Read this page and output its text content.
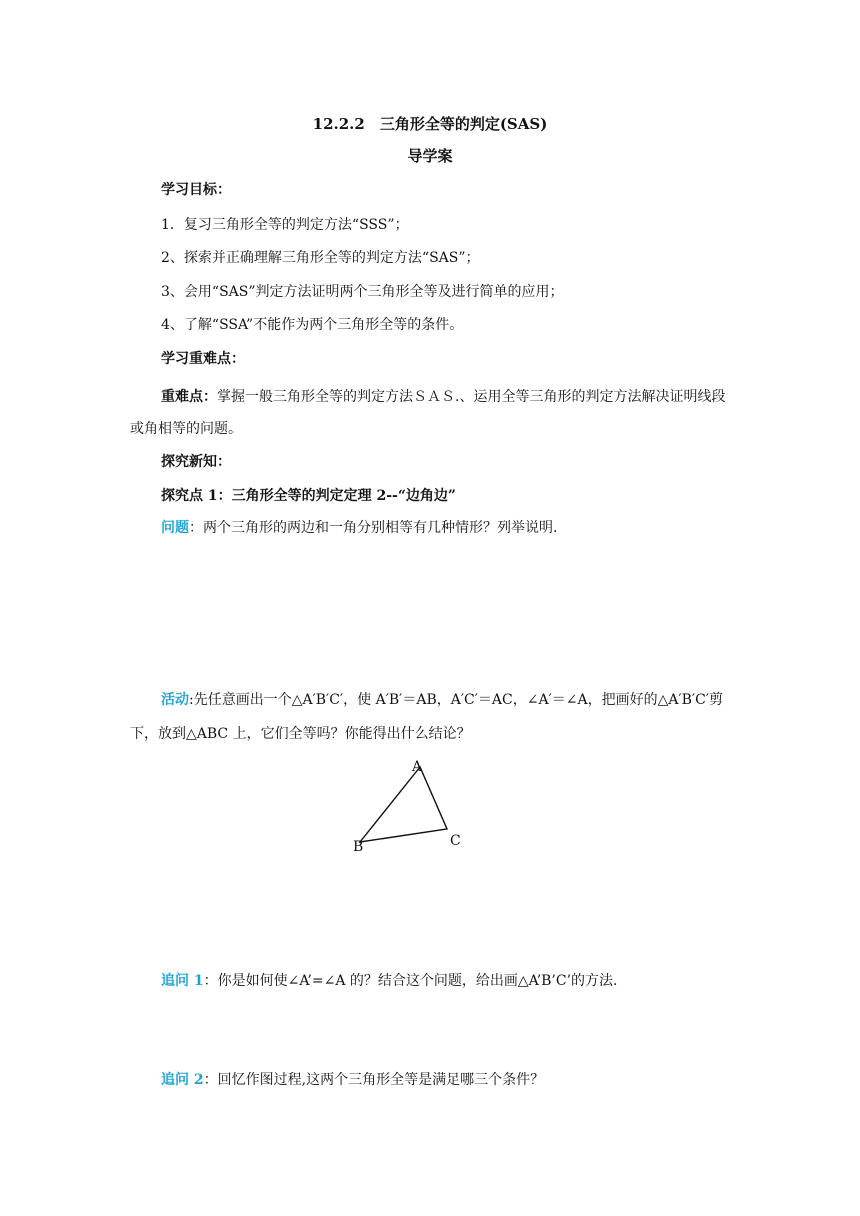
12.2.2　三角形全等的判定(SAS)
导学案
学习目标：
1．复习三角形全等的判定方法“SSS”；
2、探索并正确理解三角形全等的判定方法“SAS”；
3、会用“SAS”判定方法证明两个三角形全等及进行简单的应用；
4、了解“SSA”不能作为两个三角形全等的条件。
学习重难点：
重难点：掌握一般三角形全等的判定方法ＳＡＳ.、运用全等三角形的判定方法解决证明线段或角相等的问题。
探究新知：
探究点 1：三角形全等的判定定理 2--“边角边”
问题：两个三角形的两边和一角分别相等有几种情形？列举说明.
活动:先任意画出一个△A′B′C′，使 A′B′＝AB，A′C′＝AC，∠A′＝∠A，把画好的△A′B′C′剪下，放到△ABC 上，它们全等吗？你能得出什么结论？
A
B	C
追问 1：你是如何使∠A’=∠A 的？结合这个问题，给出画△A’B’C’的方法.
追问 2：回忆作图过程,这两个三角形全等是满足哪三个条件？
